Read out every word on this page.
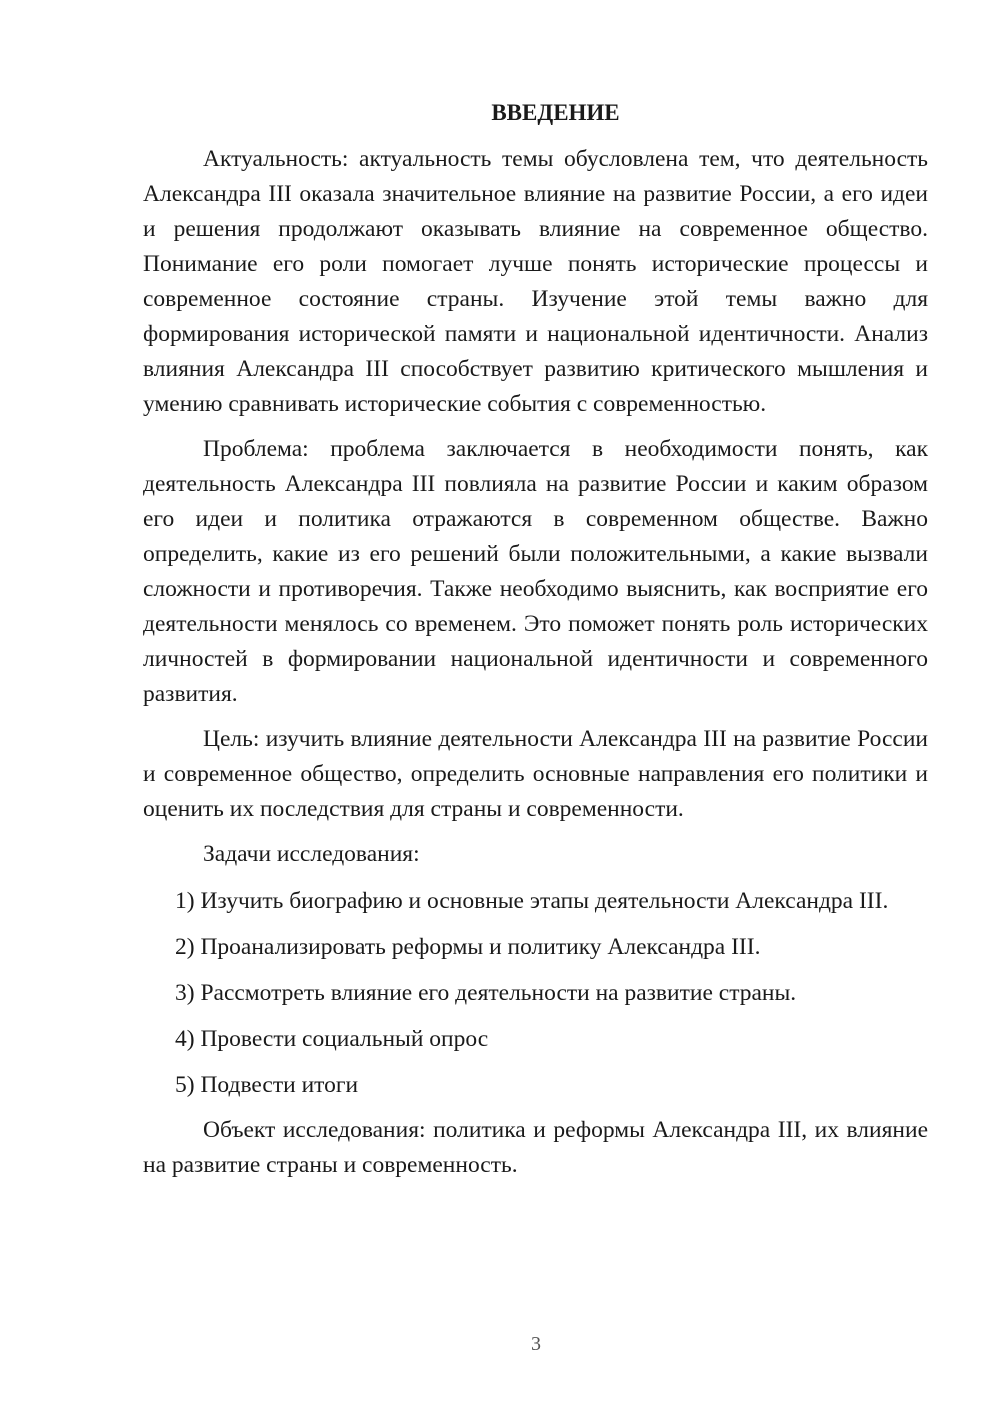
ВВЕДЕНИЕ

Актуальность: актуальность темы обусловлена тем, что деятельность Александра III оказала значительное влияние на развитие России, а его идеи и решения продолжают оказывать влияние на современное общество. Понимание его роли помогает лучше понять исторические процессы и современное состояние страны. Изучение этой темы важно для формирования исторической памяти и национальной идентичности. Анализ влияния Александра III способствует развитию критического мышления и умению сравнивать исторические события с современностью.

Проблема: проблема заключается в необходимости понять, как деятельность Александра III повлияла на развитие России и каким образом его идеи и политика отражаются в современном обществе. Важно определить, какие из его решений были положительными, а какие вызвали сложности и противоречия. Также необходимо выяснить, как восприятие его деятельности менялось со временем. Это поможет понять роль исторических личностей в формировании национальной идентичности и современного развития.

Цель: изучить влияние деятельности Александра III на развитие России и современное общество, определить основные направления его политики и оценить их последствия для страны и современности.

Задачи исследования:

1) Изучить биографию и основные этапы деятельности Александра III.

2) Проанализировать реформы и политику Александра III.

3) Рассмотреть влияние его деятельности на развитие страны.

4) Провести социальный опрос

5) Подвести итоги

Объект исследования: политика и реформы Александра III, их влияние на развитие страны и современность.

3
